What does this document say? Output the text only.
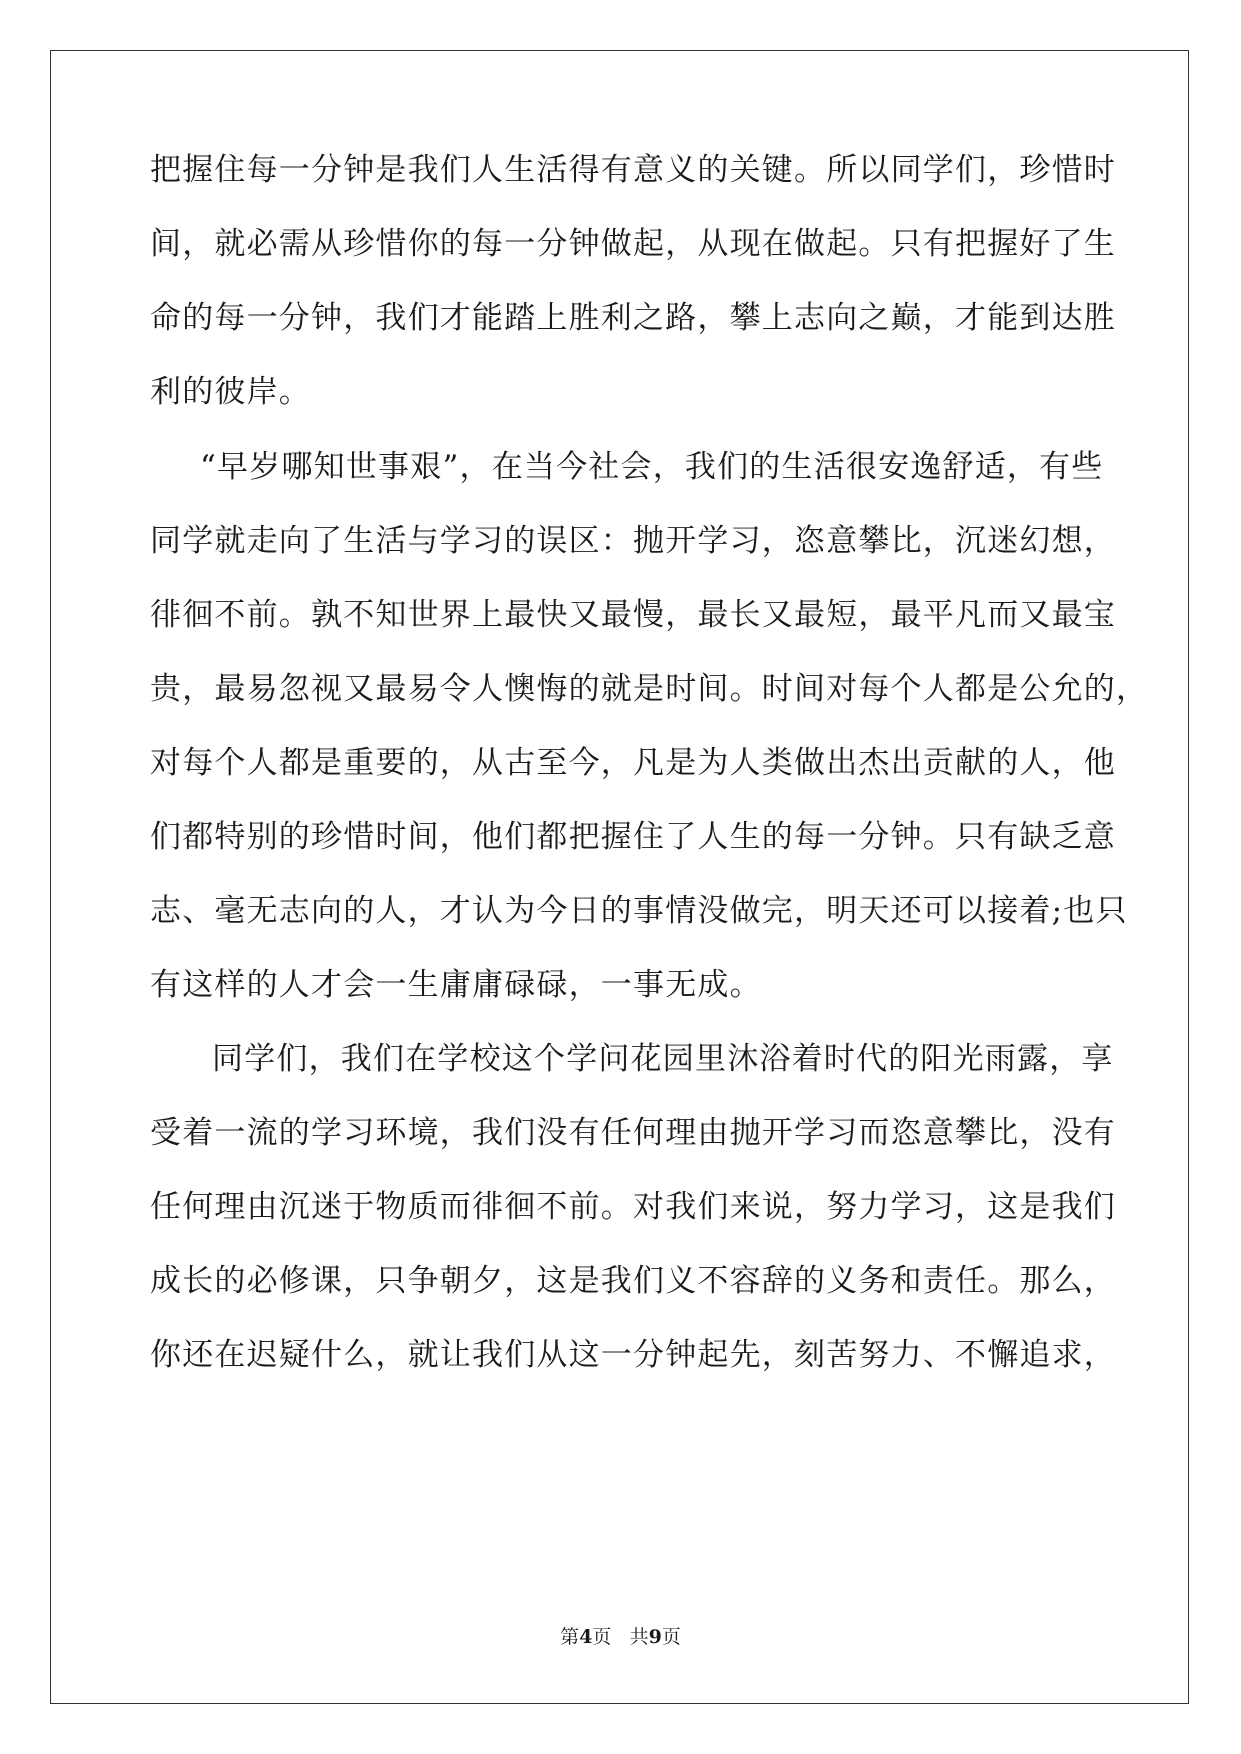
把握住每一分钟是我们人生活得有意义的关键。所以同学们，珍惜时
间，就必需从珍惜你的每一分钟做起，从现在做起。只有把握好了生
命的每一分钟，我们才能踏上胜利之路，攀上志向之巅，才能到达胜
利的彼岸。
“早岁哪知世事艰”，在当今社会，我们的生活很安逸舒适，有些
同学就走向了生活与学习的误区：抛开学习，恣意攀比，沉迷幻想，
徘徊不前。孰不知世界上最快又最慢，最长又最短，最平凡而又最宝
贵，最易忽视又最易令人懊悔的就是时间。时间对每个人都是公允的，
对每个人都是重要的，从古至今，凡是为人类做出杰出贡献的人，他
们都特别的珍惜时间，他们都把握住了人生的每一分钟。只有缺乏意
志、毫无志向的人，才认为今日的事情没做完，明天还可以接着;也只
有这样的人才会一生庸庸碌碌，一事无成。
同学们，我们在学校这个学问花园里沐浴着时代的阳光雨露，享
受着一流的学习环境，我们没有任何理由抛开学习而恣意攀比，没有
任何理由沉迷于物质而徘徊不前。对我们来说，努力学习，这是我们
成长的必修课，只争朝夕，这是我们义不容辞的义务和责任。那么，
你还在迟疑什么，就让我们从这一分钟起先，刻苦努力、不懈追求，
第4页 共9页
